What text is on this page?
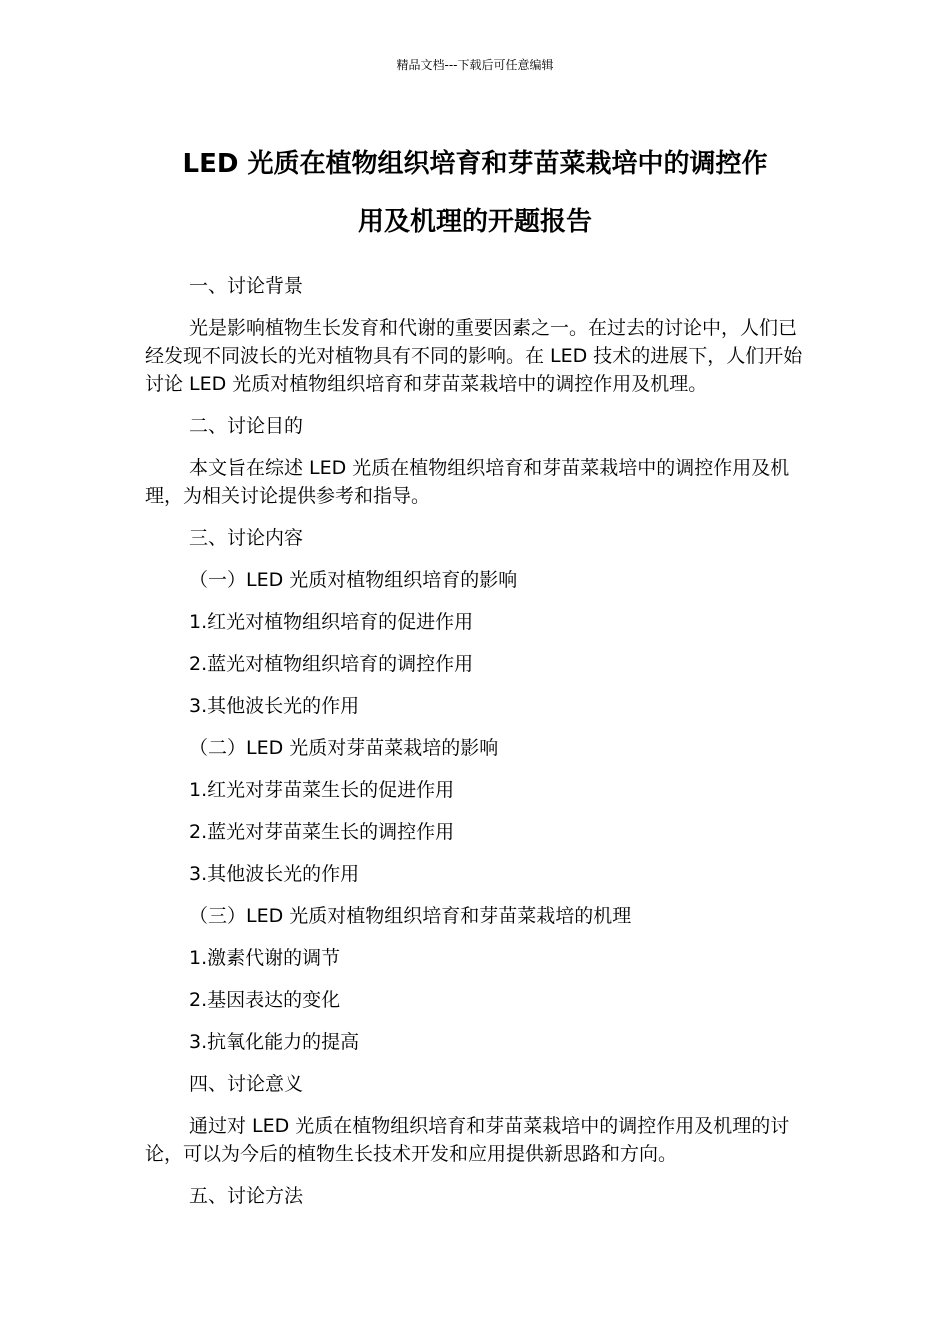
精品文档---下载后可任意编辑
LED 光质在植物组织培育和芽苗菜栽培中的调控作
用及机理的开题报告

一、讨论背景

光是影响植物生长发育和代谢的重要因素之一。在过去的讨论中，人们已经发现不同波长的光对植物具有不同的影响。在 LED 技术的进展下，人们开始讨论 LED 光质对植物组织培育和芽苗菜栽培中的调控作用及机理。

二、讨论目的

本文旨在综述 LED 光质在植物组织培育和芽苗菜栽培中的调控作用及机理，为相关讨论提供参考和指导。

三、讨论内容

（一）LED 光质对植物组织培育的影响

1.红光对植物组织培育的促进作用

2.蓝光对植物组织培育的调控作用

3.其他波长光的作用

（二）LED 光质对芽苗菜栽培的影响

1.红光对芽苗菜生长的促进作用

2.蓝光对芽苗菜生长的调控作用

3.其他波长光的作用

（三）LED 光质对植物组织培育和芽苗菜栽培的机理

1.激素代谢的调节

2.基因表达的变化

3.抗氧化能力的提高

四、讨论意义

通过对 LED 光质在植物组织培育和芽苗菜栽培中的调控作用及机理的讨论，可以为今后的植物生长技术开发和应用提供新思路和方向。

五、讨论方法
